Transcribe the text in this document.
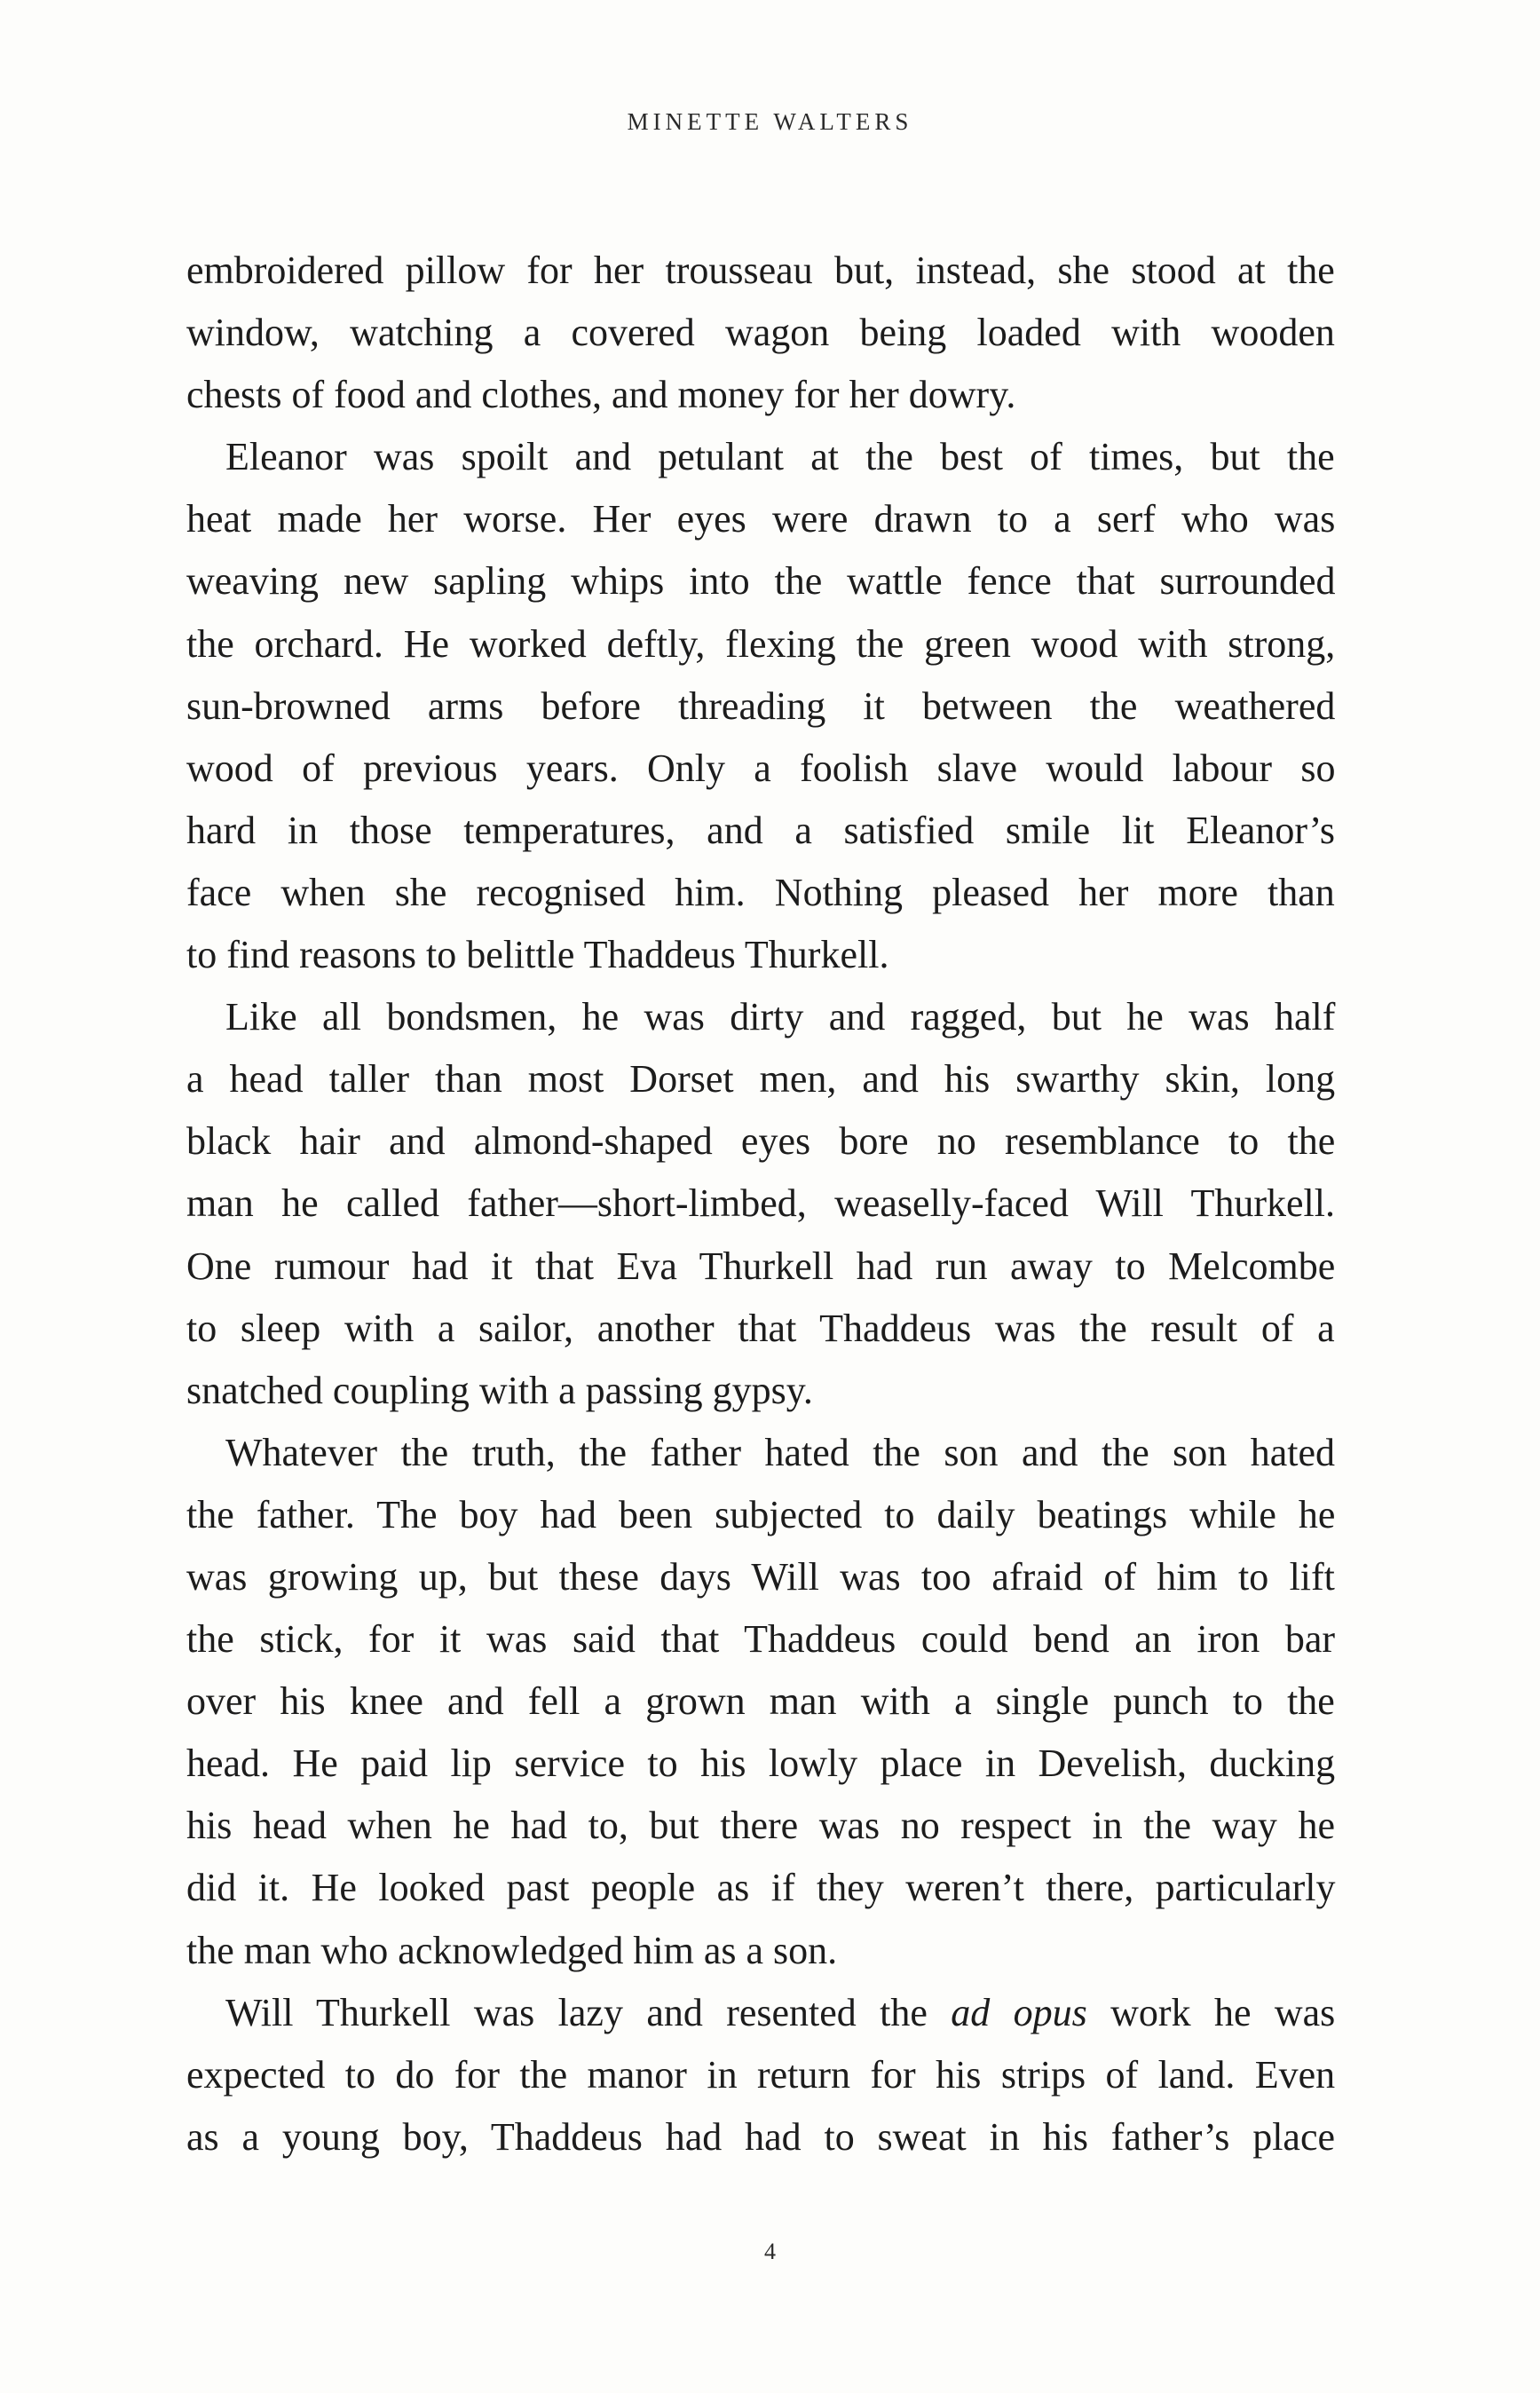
MINETTE WALTERS
embroidered pillow for her trousseau but, instead, she stood at the
window, watching a covered wagon being loaded with wooden
chests of food and clothes, and money for her dowry.
Eleanor was spoilt and petulant at the best of times, but the
heat made her worse. Her eyes were drawn to a serf who was
weaving new sapling whips into the wattle fence that surrounded
the orchard. He worked deftly, flexing the green wood with strong,
sun-browned arms before threading it between the weathered
wood of previous years. Only a foolish slave would labour so
hard in those temperatures, and a satisfied smile lit Eleanor’s
face when she recognised him. Nothing pleased her more than
to find reasons to belittle Thaddeus Thurkell.
Like all bondsmen, he was dirty and ragged, but he was half
a head taller than most Dorset men, and his swarthy skin, long
black hair and almond-shaped eyes bore no resemblance to the
man he called father—short-limbed, weaselly-faced Will Thurkell.
One rumour had it that Eva Thurkell had run away to Melcombe
to sleep with a sailor, another that Thaddeus was the result of a
snatched coupling with a passing gypsy.
Whatever the truth, the father hated the son and the son hated
the father. The boy had been subjected to daily beatings while he
was growing up, but these days Will was too afraid of him to lift
the stick, for it was said that Thaddeus could bend an iron bar
over his knee and fell a grown man with a single punch to the
head. He paid lip service to his lowly place in Develish, ducking
his head when he had to, but there was no respect in the way he
did it. He looked past people as if they weren’t there, particularly
the man who acknowledged him as a son.
Will Thurkell was lazy and resented the ad opus work he was
expected to do for the manor in return for his strips of land. Even
as a young boy, Thaddeus had had to sweat in his father’s place
4
